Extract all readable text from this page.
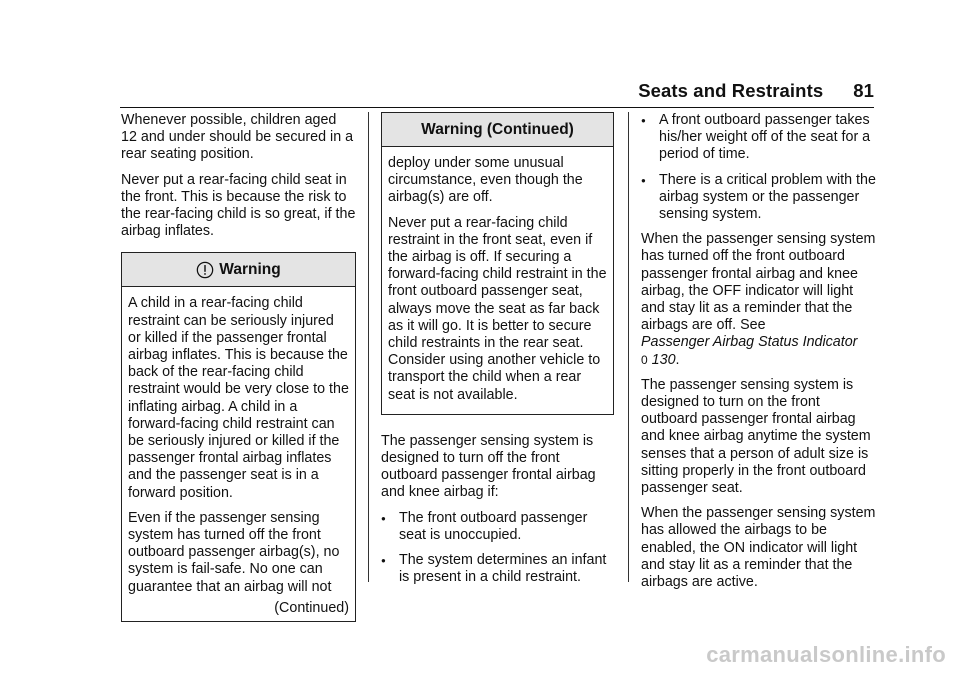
Seats and Restraints 81

Whenever possible, children aged 12 and under should be secured in a rear seating position.

Never put a rear-facing child seat in the front. This is because the risk to the rear-facing child is so great, if the airbag inflates.

Warning

A child in a rear-facing child restraint can be seriously injured or killed if the passenger frontal airbag inflates. This is because the back of the rear-facing child restraint would be very close to the inflating airbag. A child in a forward-facing child restraint can be seriously injured or killed if the passenger frontal airbag inflates and the passenger seat is in a forward position.

Even if the passenger sensing system has turned off the front outboard passenger airbag(s), no system is fail-safe. No one can guarantee that an airbag will not

(Continued)
Warning (Continued)

deploy under some unusual circumstance, even though the airbag(s) are off.

Never put a rear-facing child restraint in the front seat, even if the airbag is off. If securing a forward-facing child restraint in the front outboard passenger seat, always move the seat as far back as it will go. It is better to secure child restraints in the rear seat. Consider using another vehicle to transport the child when a rear seat is not available.

The passenger sensing system is designed to turn off the front outboard passenger frontal airbag and knee airbag if:

● The front outboard passenger seat is unoccupied.
● The system determines an infant is present in a child restraint.
● A front outboard passenger takes his/her weight off of the seat for a period of time.
● There is a critical problem with the airbag system or the passenger sensing system.

When the passenger sensing system has turned off the front outboard passenger frontal airbag and knee airbag, the OFF indicator will light and stay lit as a reminder that the airbags are off. See
Passenger Airbag Status Indicator
0 130.

The passenger sensing system is designed to turn on the front outboard passenger frontal airbag and knee airbag anytime the system senses that a person of adult size is sitting properly in the front outboard passenger seat.

When the passenger sensing system has allowed the airbags to be enabled, the ON indicator will light and stay lit as a reminder that the airbags are active.

carmanualsonline.info
